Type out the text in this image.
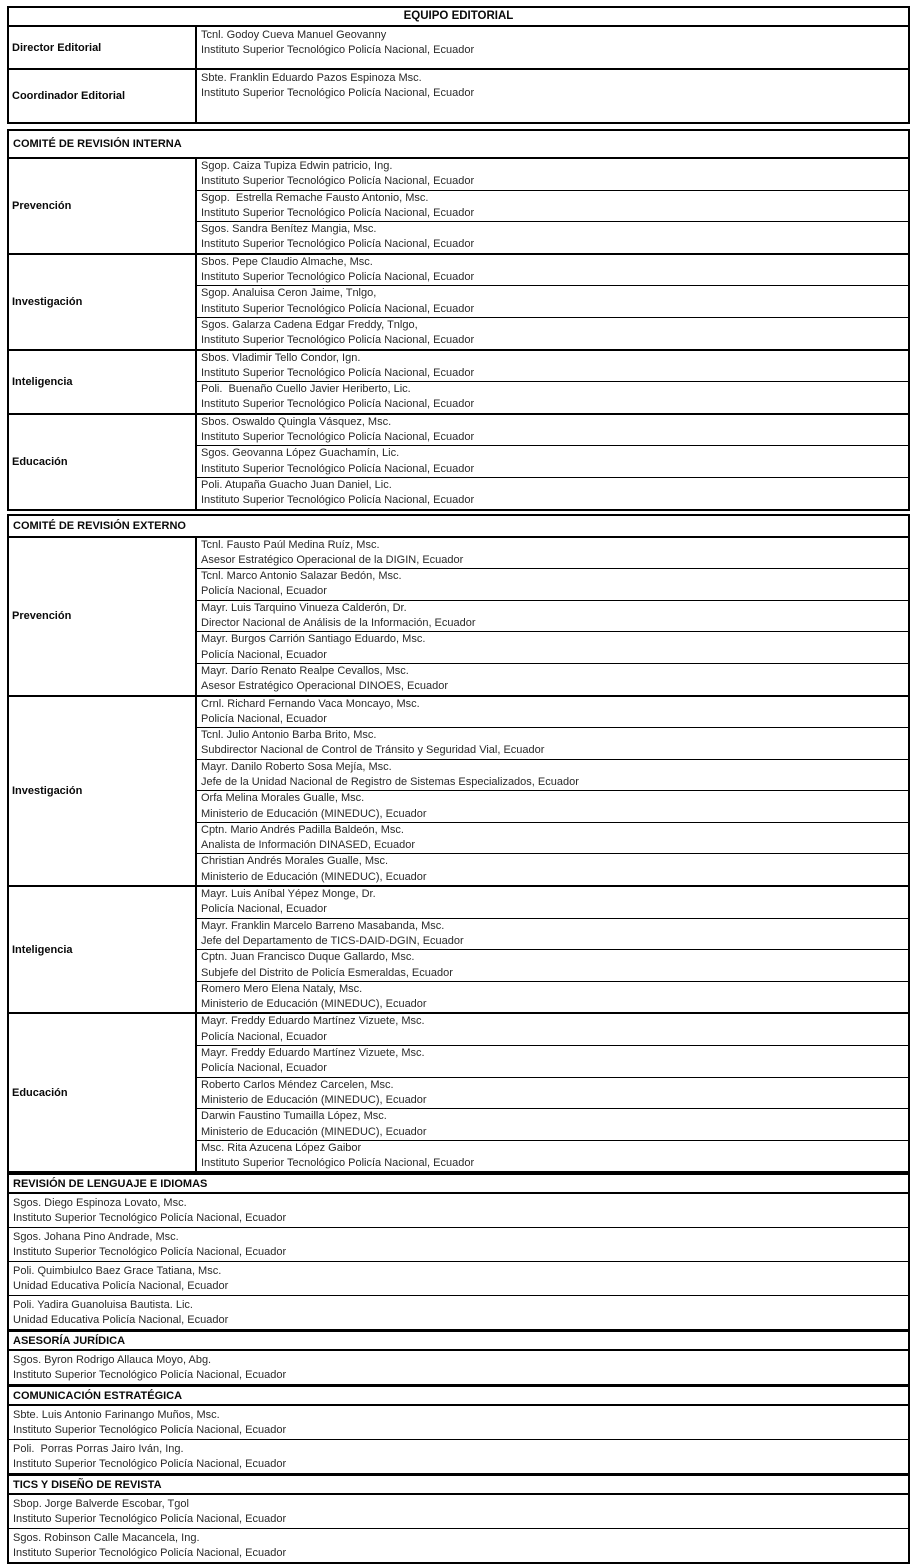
EQUIPO EDITORIAL
Director Editorial
Tcnl. Godoy Cueva Manuel Geovanny
Instituto Superior Tecnológico Policía Nacional, Ecuador
Coordinador Editorial
Sbte. Franklin Eduardo Pazos Espinoza Msc.
Instituto Superior Tecnológico Policía Nacional, Ecuador
COMITÉ DE REVISIÓN INTERNA
Prevención
Sgop. Caiza Tupiza Edwin patricio, Ing.
Instituto Superior Tecnológico Policía Nacional, Ecuador
Sgop.  Estrella Remache Fausto Antonio, Msc.
Instituto Superior Tecnológico Policía Nacional, Ecuador
Sgos. Sandra Benítez Mangia, Msc.
Instituto Superior Tecnológico Policía Nacional, Ecuador
Investigación
Sbos. Pepe Claudio Almache, Msc.
Instituto Superior Tecnológico Policía Nacional, Ecuador
Sgop. Analuisa Ceron Jaime, Tnlgo,
Instituto Superior Tecnológico Policía Nacional, Ecuador
Sgos. Galarza Cadena Edgar Freddy, Tnlgo,
Instituto Superior Tecnológico Policía Nacional, Ecuador
Inteligencia
Sbos. Vladimir Tello Condor, Ign.
Instituto Superior Tecnológico Policía Nacional, Ecuador
Poli.  Buenaño Cuello Javier Heriberto, Lic.
Instituto Superior Tecnológico Policía Nacional, Ecuador
Educación
Sbos. Oswaldo Quingla Vásquez, Msc.
Instituto Superior Tecnológico Policía Nacional, Ecuador
Sgos. Geovanna López Guachamín, Lic.
Instituto Superior Tecnológico Policía Nacional, Ecuador
Poli. Atupaña Guacho Juan Daniel, Lic.
Instituto Superior Tecnológico Policía Nacional, Ecuador
COMITÉ DE REVISIÓN EXTERNO
Prevención
Tcnl. Fausto Paúl Medina Ruíz, Msc.
Asesor Estratégico Operacional de la DIGIN, Ecuador
Tcnl. Marco Antonio Salazar Bedón, Msc.
Policía Nacional, Ecuador
Mayr. Luis Tarquino Vinueza Calderón, Dr.
Director Nacional de Análisis de la Información, Ecuador
Mayr. Burgos Carrión Santiago Eduardo, Msc.
Policía Nacional, Ecuador
Mayr. Darío Renato Realpe Cevallos, Msc.
Asesor Estratégico Operacional DINOES, Ecuador
Investigación
Crnl. Richard Fernando Vaca Moncayo, Msc.
Policía Nacional, Ecuador
Tcnl. Julio Antonio Barba Brito, Msc.
Subdirector Nacional de Control de Tránsito y Seguridad Vial, Ecuador
Mayr. Danilo Roberto Sosa Mejía, Msc.
Jefe de la Unidad Nacional de Registro de Sistemas Especializados, Ecuador
Orfa Melina Morales Gualle, Msc.
Ministerio de Educación (MINEDUC), Ecuador
Cptn. Mario Andrés Padilla Baldeón, Msc.
Analista de Información DINASED, Ecuador
Christian Andrés Morales Gualle, Msc.
Ministerio de Educación (MINEDUC), Ecuador
Inteligencia
Mayr. Luis Aníbal Yépez Monge, Dr.
Policía Nacional, Ecuador
Mayr. Franklin Marcelo Barreno Masabanda, Msc.
Jefe del Departamento de TICS-DAID-DGIN, Ecuador
Cptn. Juan Francisco Duque Gallardo, Msc.
Subjefe del Distrito de Policía Esmeraldas, Ecuador
Romero Mero Elena Nataly, Msc.
Ministerio de Educación (MINEDUC), Ecuador
Educación
Mayr. Freddy Eduardo Martínez Vizuete, Msc.
Policía Nacional, Ecuador
Mayr. Freddy Eduardo Martínez Vizuete, Msc.
Policía Nacional, Ecuador
Roberto Carlos Méndez Carcelen, Msc.
Ministerio de Educación (MINEDUC), Ecuador
Darwin Faustino Tumailla López, Msc.
Ministerio de Educación (MINEDUC), Ecuador
Msc. Rita Azucena López Gaibor
Instituto Superior Tecnológico Policía Nacional, Ecuador
REVISIÓN DE LENGUAJE E IDIOMAS
Sgos. Diego Espinoza Lovato, Msc.
Instituto Superior Tecnológico Policía Nacional, Ecuador
Sgos. Johana Pino Andrade, Msc.
Instituto Superior Tecnológico Policía Nacional, Ecuador
Poli. Quimbiulco Baez Grace Tatiana, Msc.
Unidad Educativa Policía Nacional, Ecuador
Poli. Yadira Guanoluisa Bautista. Lic.
Unidad Educativa Policía Nacional, Ecuador
ASESORÍA JURÍDICA
Sgos. Byron Rodrigo Allauca Moyo, Abg.
Instituto Superior Tecnológico Policía Nacional, Ecuador
COMUNICACIÓN ESTRATÉGICA
Sbte. Luis Antonio Farinango Muños, Msc.
Instituto Superior Tecnológico Policía Nacional, Ecuador
Poli.  Porras Porras Jairo Iván, Ing.
Instituto Superior Tecnológico Policía Nacional, Ecuador
TICS Y DISEÑO DE REVISTA
Sbop. Jorge Balverde Escobar, Tgol
Instituto Superior Tecnológico Policía Nacional, Ecuador
Sgos. Robinson Calle Macancela, Ing.
Instituto Superior Tecnológico Policía Nacional, Ecuador
